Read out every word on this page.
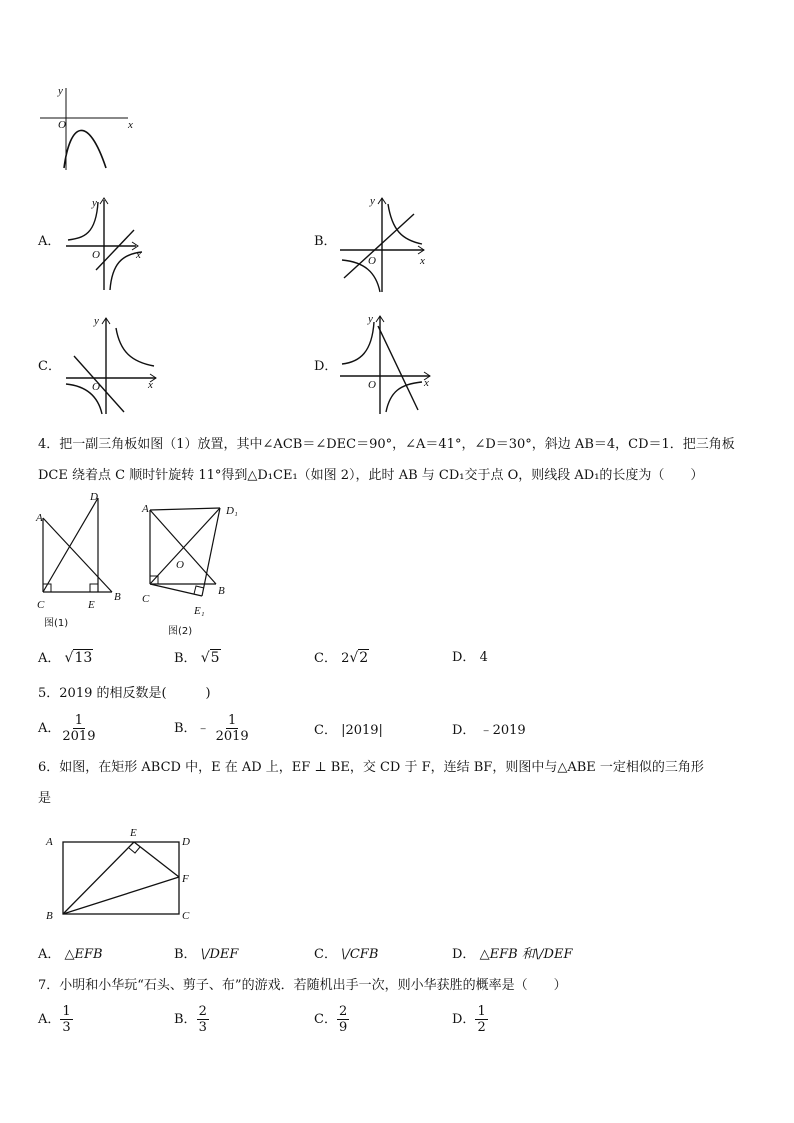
y
x
O
A．
y
x
O
B．
y
x
O
C．
y
x
O
D．
y
x
O
4．把一副三角板如图（1）放置，其中∠ACB＝∠DEC＝90°，∠A＝41°，∠D＝30°，斜边 AB＝4，CD＝1．把三角板
DCE 绕着点 C 顺时针旋转 11°得到△D₁CE₁（如图 2），此时 AB 与 CD₁交于点 O，则线段 AD₁的长度为（　　）
A
D
C	E
B
图(1)
A	D₁
O
C
B
E₁
图(2)
A． √13	B． √5	C． 2√2	D． 4
5．2019 的相反数是(　　　)
A． $\frac{1}{2019}$	B． ﹣ $\frac{1}{2019}$	C． |2019|	D． ﹣2019
6．如图，在矩形 ABCD 中，E 在 AD 上，EF ⊥ BE，交 CD 于 F，连结 BF，则图中与△ABE 一定相似的三角形
是
A
E
D
F
C
B
A． △EFB	B． \/DEF	C． \/CFB	D． △EFB 和\/DEF
7．小明和小华玩“石头、剪子、布”的游戏．若随机出手一次，则小华获胜的概率是（　　）
A． $\frac{1}{3}$	B． $\frac{2}{3}$	C． $\frac{2}{9}$	D． $\frac{1}{2}$
